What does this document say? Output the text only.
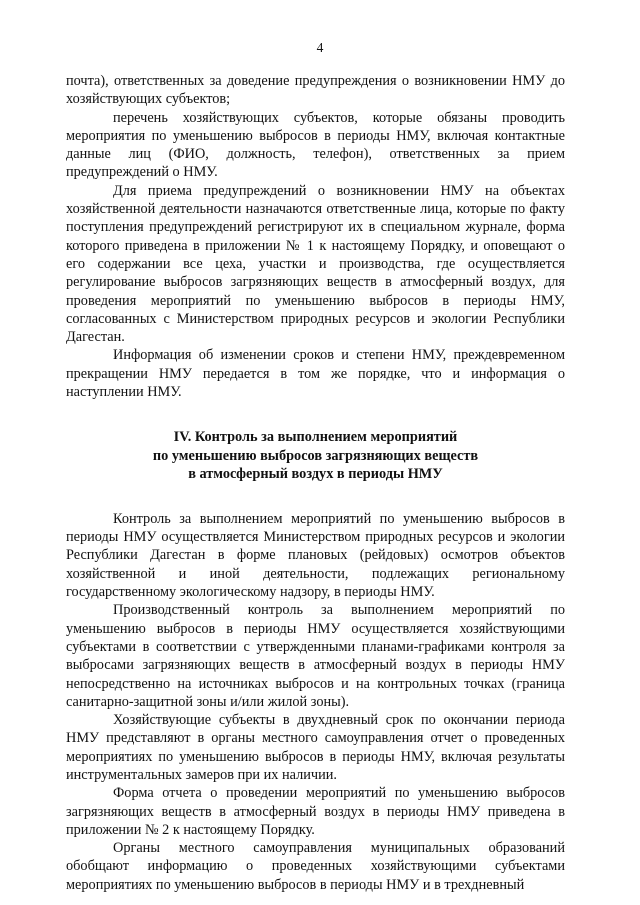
4

почта), ответственных за доведение предупреждения о возникновении НМУ до хозяйствующих субъектов;

перечень хозяйствующих субъектов, которые обязаны проводить мероприятия по уменьшению выбросов в периоды НМУ, включая контактные данные лиц (ФИО, должность, телефон), ответственных за прием предупреждений о НМУ.

Для приема предупреждений о возникновении НМУ на объектах хозяйственной деятельности назначаются ответственные лица, которые по факту поступления предупреждений регистрируют их в специальном журнале, форма которого приведена в приложении № 1 к настоящему Порядку, и оповещают о его содержании все цеха, участки и производства, где осуществляется регулирование выбросов загрязняющих веществ в атмосферный воздух, для проведения мероприятий по уменьшению выбросов в периоды НМУ, согласованных с Министерством природных ресурсов и экологии Республики Дагестан.

Информация об изменении сроков и степени НМУ, преждевременном прекращении НМУ передается в том же порядке, что и информация о наступлении НМУ.

IV. Контроль за выполнением мероприятий
по уменьшению выбросов загрязняющих веществ
в атмосферный воздух в периоды НМУ

Контроль за выполнением мероприятий по уменьшению выбросов в периоды НМУ осуществляется Министерством природных ресурсов и экологии Республики Дагестан в форме плановых (рейдовых) осмотров объектов хозяйственной и иной деятельности, подлежащих региональному государственному экологическому надзору, в периоды НМУ.

Производственный контроль за выполнением мероприятий по уменьшению выбросов в периоды НМУ осуществляется хозяйствующими субъектами в соответствии с утвержденными планами-графиками контроля за выбросами загрязняющих веществ в атмосферный воздух в периоды НМУ непосредственно на источниках выбросов и на контрольных точках (граница санитарно-защитной зоны и/или жилой зоны).

Хозяйствующие субъекты в двухдневный срок по окончании периода НМУ представляют в органы местного самоуправления отчет о проведенных мероприятиях по уменьшению выбросов в периоды НМУ, включая результаты инструментальных замеров при их наличии.

Форма отчета о проведении мероприятий по уменьшению выбросов загрязняющих веществ в атмосферный воздух в периоды НМУ приведена в приложении № 2 к настоящему Порядку.

Органы местного самоуправления муниципальных образований обобщают информацию о проведенных хозяйствующими субъектами мероприятиях по уменьшению выбросов в периоды НМУ и в трехдневный
